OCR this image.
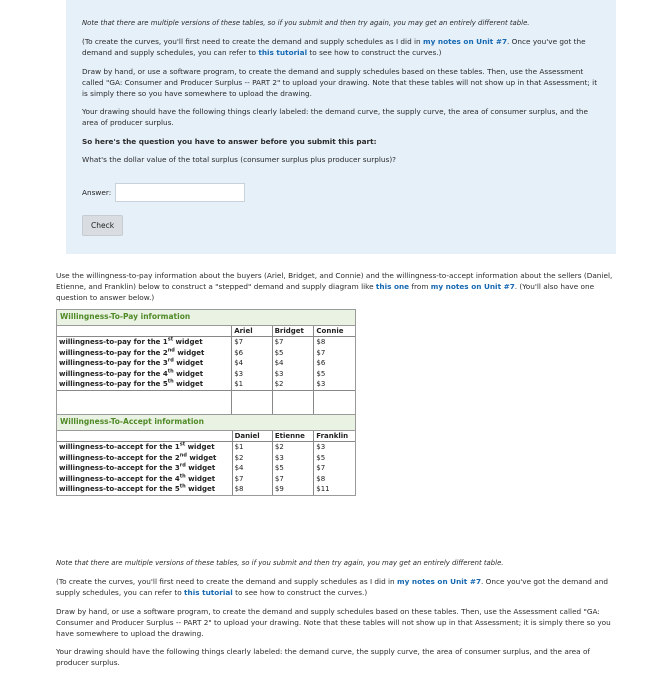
Note that there are multiple versions of these tables, so if you submit and then try again, you may get an entirely different table.

(To create the curves, you'll first need to create the demand and supply schedules as I did in my notes on Unit #7. Once you've got the demand and supply schedules, you can refer to this tutorial to see how to construct the curves.)

Draw by hand, or use a software program, to create the demand and supply schedules based on these tables. Then, use the Assessment called "GA: Consumer and Producer Surplus -- PART 2" to upload your drawing. Note that these tables will not show up in that Assessment; it is simply there so you have somewhere to upload the drawing.

Your drawing should have the following things clearly labeled: the demand curve, the supply curve, the area of consumer surplus, and the area of producer surplus.

So here's the question you have to answer before you submit this part:

What's the dollar value of the total surplus (consumer surplus plus producer surplus)?

Answer:
Check

Use the willingness-to-pay information about the buyers (Ariel, Bridget, and Connie) and the willingness-to-accept information about the sellers (Daniel, Etienne, and Franklin) below to construct a "stepped" demand and supply diagram like this one from my notes on Unit #7. (You'll also have one question to answer below.)

Willingness-To-Pay information
	Ariel	Bridget	Connie
willingness-to-pay for the 1st widget	$7	$7	$8
willingness-to-pay for the 2nd widget	$6	$5	$7
willingness-to-pay for the 3rd widget	$4	$4	$6
willingness-to-pay for the 4th widget	$3	$3	$5
willingness-to-pay for the 5th widget	$1	$2	$3

Willingness-To-Accept information
	Daniel	Etienne	Franklin
willingness-to-accept for the 1st widget	$1	$2	$3
willingness-to-accept for the 2nd widget	$2	$3	$5
willingness-to-accept for the 3rd widget	$4	$5	$7
willingness-to-accept for the 4th widget	$7	$7	$8
willingness-to-accept for the 5th widget	$8	$9	$11

Note that there are multiple versions of these tables, so if you submit and then try again, you may get an entirely different table.

(To create the curves, you'll first need to create the demand and supply schedules as I did in my notes on Unit #7. Once you've got the demand and supply schedules, you can refer to this tutorial to see how to construct the curves.)

Draw by hand, or use a software program, to create the demand and supply schedules based on these tables. Then, use the Assessment called "GA: Consumer and Producer Surplus -- PART 2" to upload your drawing. Note that these tables will not show up in that Assessment; it is simply there so you have somewhere to upload the drawing.

Your drawing should have the following things clearly labeled: the demand curve, the supply curve, the area of consumer surplus, and the area of producer surplus.
